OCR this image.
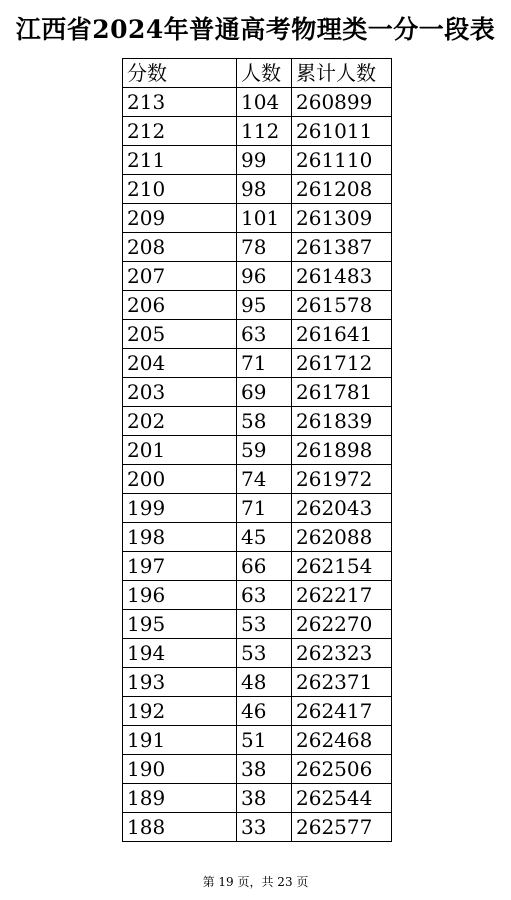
江西省2024年普通高考物理类一分一段表
分数	人数	累计人数
213	104	260899
212	112	261011
211	99	261110
210	98	261208
209	101	261309
208	78	261387
207	96	261483
206	95	261578
205	63	261641
204	71	261712
203	69	261781
202	58	261839
201	59	261898
200	74	261972
199	71	262043
198	45	262088
197	66	262154
196	63	262217
195	53	262270
194	53	262323
193	48	262371
192	46	262417
191	51	262468
190	38	262506
189	38	262544
188	33	262577
第 19 页，共 23 页
